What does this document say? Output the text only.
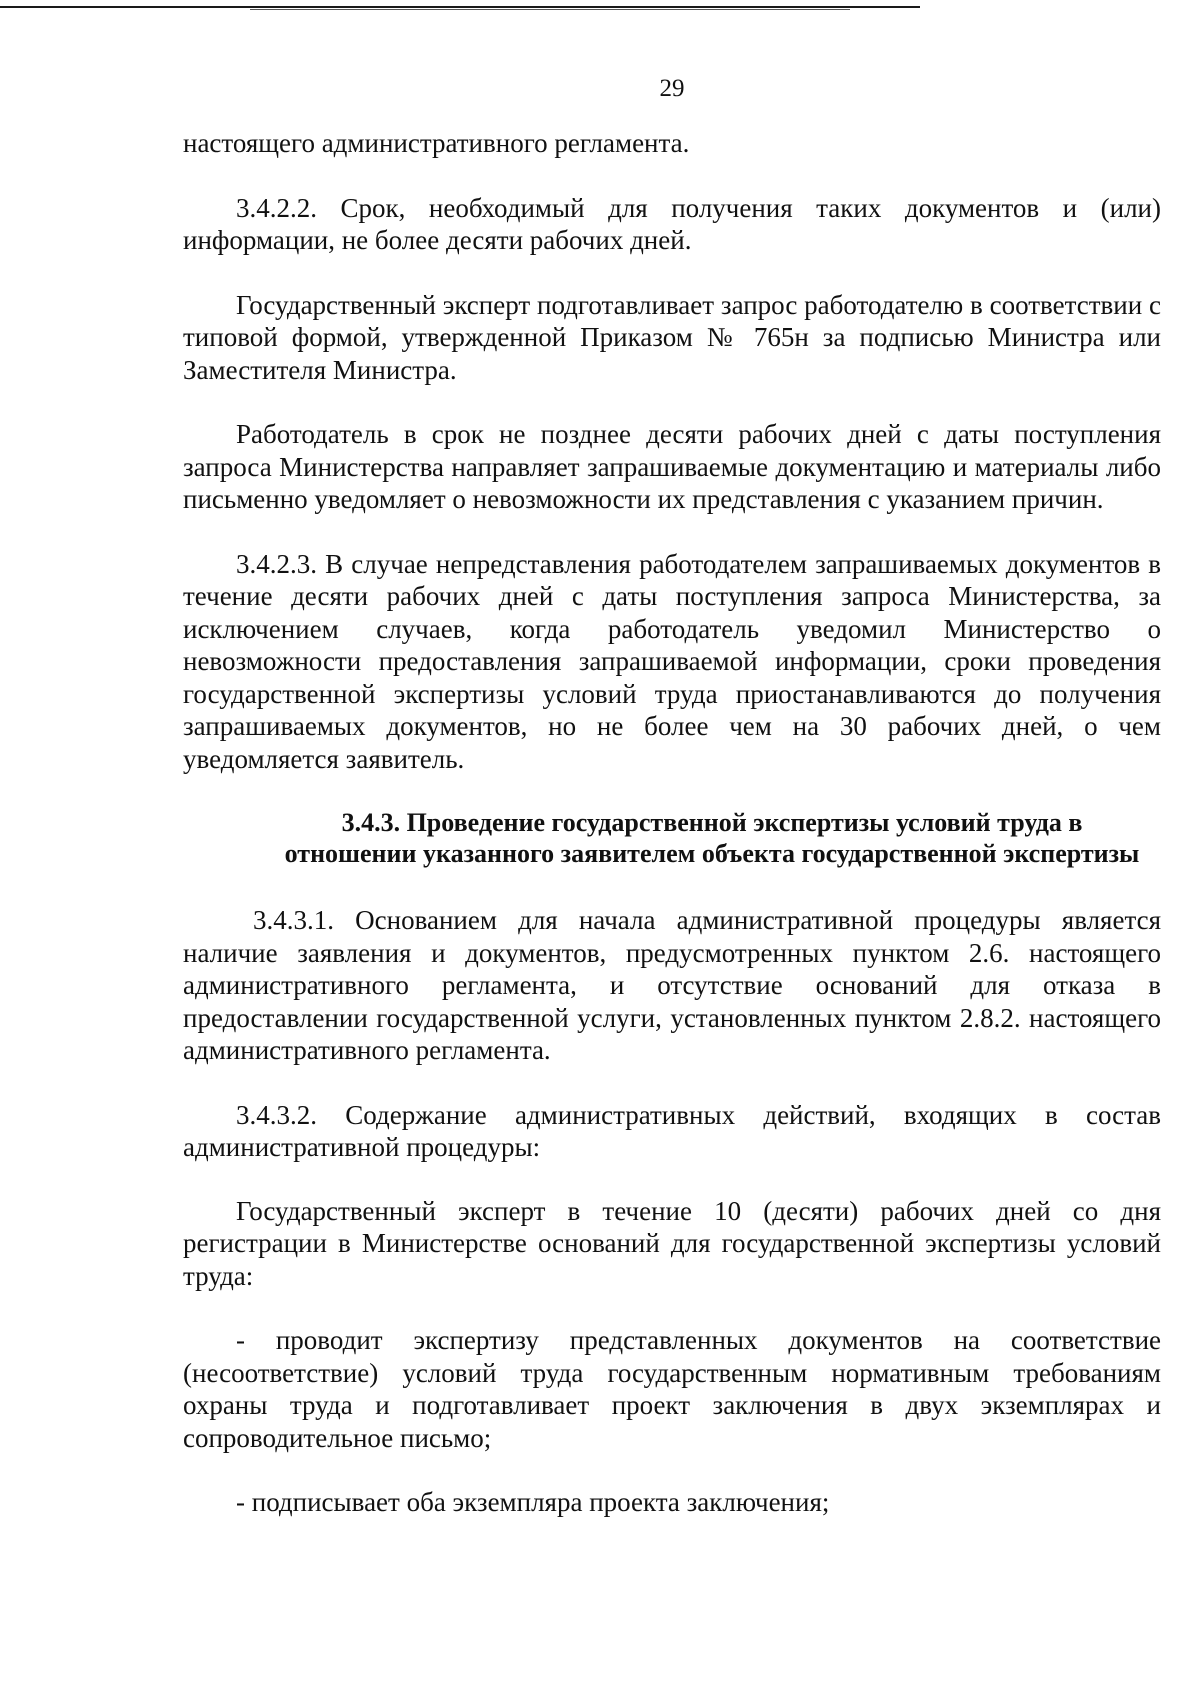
29

настоящего административного регламента.

3.4.2.2. Срок, необходимый для получения таких документов и (или) информации, не более десяти рабочих дней.

Государственный эксперт подготавливает запрос работодателю в соответствии с типовой формой, утвержденной Приказом № 765н за подписью Министра или Заместителя Министра.

Работодатель в срок не позднее десяти рабочих дней с даты поступления запроса Министерства направляет запрашиваемые документацию и материалы либо письменно уведомляет о невозможности их представления с указанием причин.

3.4.2.3. В случае непредставления работодателем запрашиваемых документов в течение десяти рабочих дней с даты поступления запроса Министерства, за исключением случаев, когда работодатель уведомил Министерство о невозможности предоставления запрашиваемой информации, сроки проведения государственной экспертизы условий труда приостанавливаются до получения запрашиваемых документов, но не более чем на 30 рабочих дней, о чем уведомляется заявитель.

3.4.3. Проведение государственной экспертизы условий труда в отношении указанного заявителем объекта государственной экспертизы

3.4.3.1. Основанием для начала административной процедуры является наличие заявления и документов, предусмотренных пунктом 2.6. настоящего административного регламента, и отсутствие оснований для отказа в предоставлении государственной услуги, установленных пунктом 2.8.2. настоящего административного регламента.

3.4.3.2. Содержание административных действий, входящих в состав административной процедуры:

Государственный эксперт в течение 10 (десяти) рабочих дней со дня регистрации в Министерстве оснований для государственной экспертизы условий труда:

- проводит экспертизу представленных документов на соответствие (несоответствие) условий труда государственным нормативным требованиям охраны труда и подготавливает проект заключения в двух экземплярах и сопроводительное письмо;

- подписывает оба экземпляра проекта заключения;
